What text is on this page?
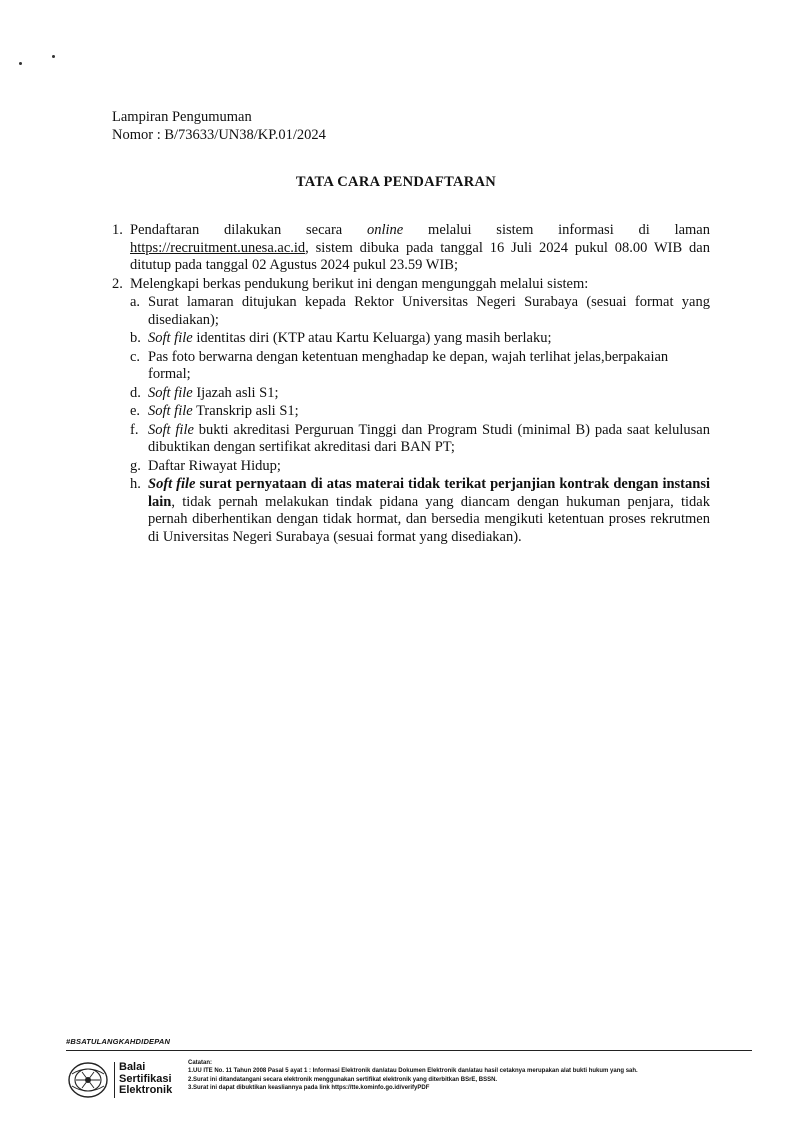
Lampiran Pengumuman
Nomor : B/73633/UN38/KP.01/2024
TATA CARA PENDAFTARAN
1. Pendaftaran dilakukan secara online melalui sistem informasi di laman https://recruitment.unesa.ac.id, sistem dibuka pada tanggal 16 Juli 2024 pukul 08.00 WIB dan ditutup pada tanggal 02 Agustus 2024 pukul 23.59 WIB;
2. Melengkapi berkas pendukung berikut ini dengan mengunggah melalui sistem:
a. Surat lamaran ditujukan kepada Rektor Universitas Negeri Surabaya (sesuai format yang disediakan);
b. Soft file identitas diri (KTP atau Kartu Keluarga) yang masih berlaku;
c. Pas foto berwarna dengan ketentuan menghadap ke depan, wajah terlihat jelas,berpakaian formal;
d. Soft file Ijazah asli S1;
e. Soft file Transkrip asli S1;
f. Soft file bukti akreditasi Perguruan Tinggi dan Program Studi (minimal B) pada saat kelulusan dibuktikan dengan sertifikat akreditasi dari BAN PT;
g. Daftar Riwayat Hidup;
h. Soft file surat pernyataan di atas materai tidak terikat perjanjian kontrak dengan instansi lain, tidak pernah melakukan tindak pidana yang diancam dengan hukuman penjara, tidak pernah diberhentikan dengan tidak hormat, dan bersedia mengikuti ketentuan proses rekrutmen di Universitas Negeri Surabaya (sesuai format yang disediakan).
#BSATULANGKAHDIDEPAN
Balai
Sertifikasi
Elektronik
Catatan:
1.UU ITE No. 11 Tahun 2008 Pasal 5 ayat 1 : Informasi Elektronik dan/atau Dokumen Elektronik dan/atau hasil cetaknya merupakan alat bukti hukum yang sah.
2.Surat ini ditandatangani secara elektronik menggunakan sertifikat elektronik yang diterbitkan BSrE, BSSN.
3.Surat ini dapat dibuktikan keasliannya pada link https://tte.kominfo.go.id/verifyPDF
